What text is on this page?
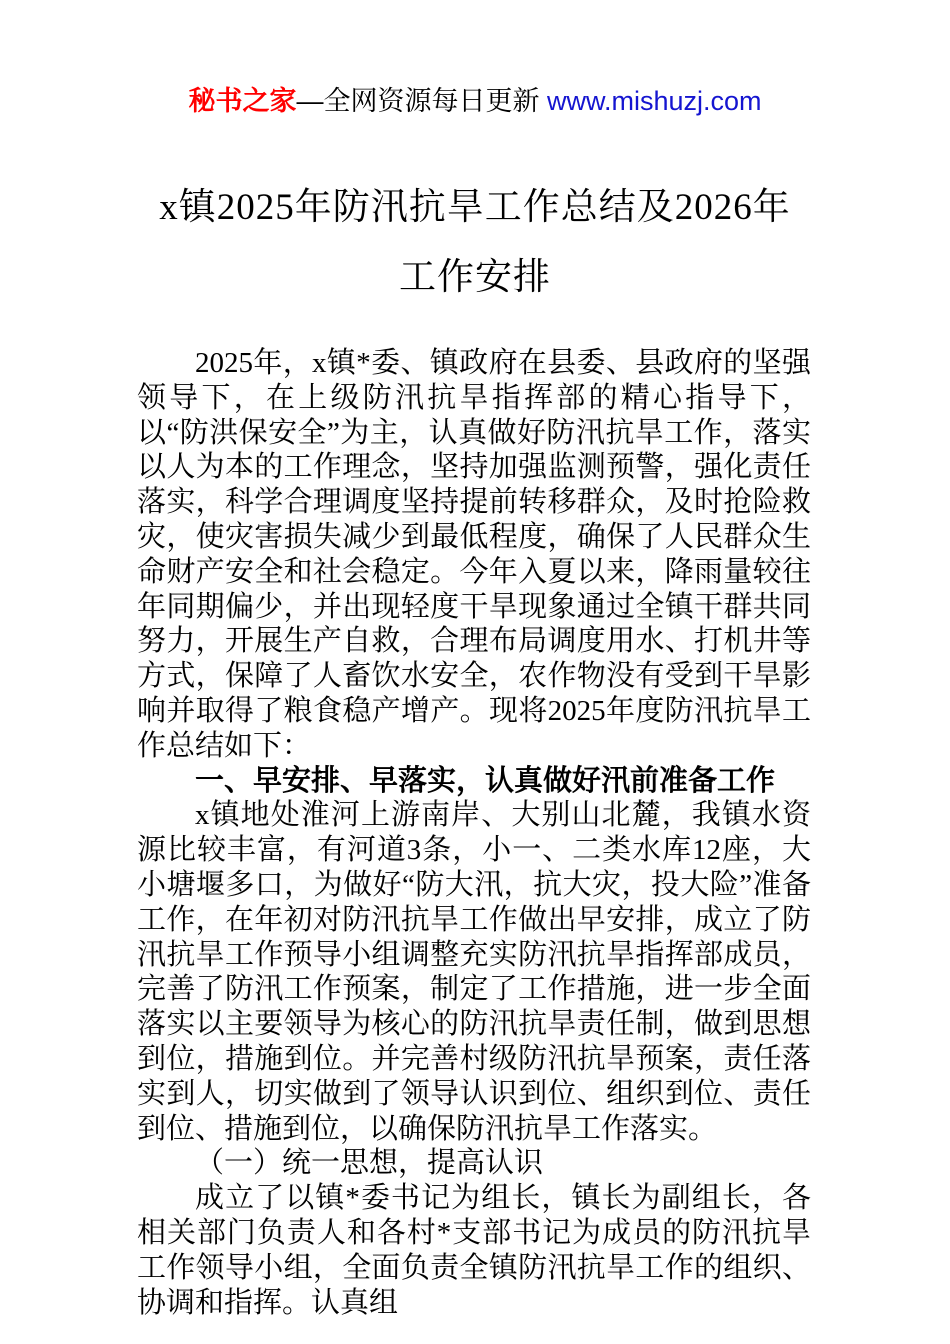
秘书之家—全网资源每日更新 www.mishuzj.com
x镇2025年防汛抗旱工作总结及2026年
工作安排

2025年，x镇*委、镇政府在县委、县政府的坚强领导下，在上级防汛抗旱指挥部的精心指导下，以“防洪保安全”为主，认真做好防汛抗旱工作，落实以人为本的工作理念，坚持加强监测预警，强化责任落实，科学合理调度坚持提前转移群众，及时抢险救灾，使灾害损失减少到最低程度，确保了人民群众生命财产安全和社会稳定。今年入夏以来，降雨量较往年同期偏少，并出现轻度干旱现象通过全镇干群共同努力，开展生产自救，合理布局调度用水、打机井等方式，保障了人畜饮水安全，农作物没有受到干旱影响并取得了粮食稳产增产。现将2025年度防汛抗旱工作总结如下：

一、早安排、早落实，认真做好汛前准备工作

x镇地处淮河上游南岸、大别山北麓，我镇水资源比较丰富，有河道3条，小一、二类水库12座，大小塘堰多口，为做好“防大汛，抗大灾，投大险”准备工作，在年初对防汛抗旱工作做出早安排，成立了防汛抗旱工作预导小组调整充实防汛抗旱指挥部成员，完善了防汛工作预案，制定了工作措施，进一步全面落实以主要领导为核心的防汛抗旱责任制，做到思想到位，措施到位。并完善村级防汛抗旱预案，责任落实到人，切实做到了领导认识到位、组织到位、责任到位、措施到位，以确保防汛抗旱工作落实。

（一）统一思想，提高认识

成立了以镇*委书记为组长，镇长为副组长，各相关部门负责人和各村*支部书记为成员的防汛抗旱工作领导小组，全面负责全镇防汛抗旱工作的组织、协调和指挥。认真组
